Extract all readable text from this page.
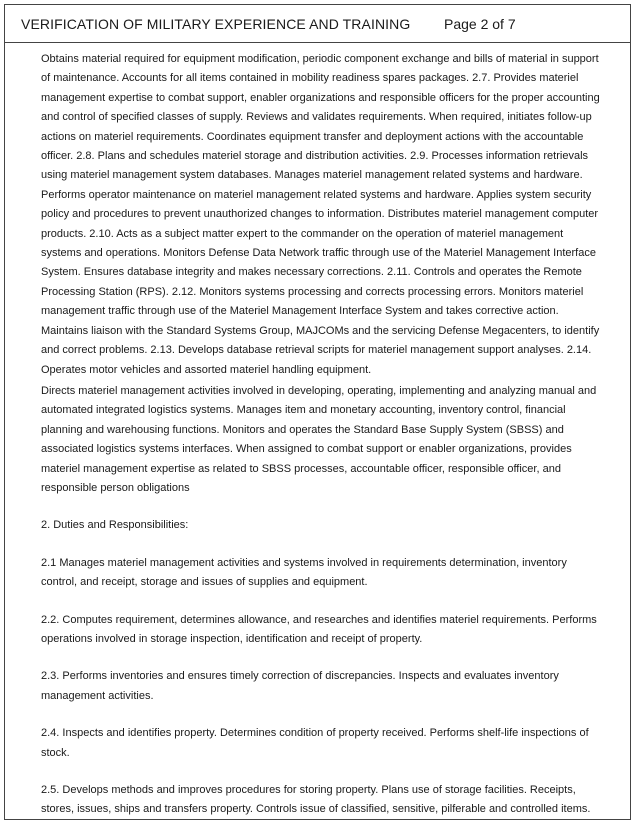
VERIFICATION OF MILITARY EXPERIENCE AND TRAINING Page 2 of 7

Obtains material required for equipment modification, periodic component exchange and bills of material in support of maintenance. Accounts for all items contained in mobility readiness spares packages. 2.7. Provides materiel management expertise to combat support, enabler organizations and responsible officers for the proper accounting and control of specified classes of supply. Reviews and validates requirements. When required, initiates follow-up actions on materiel requirements. Coordinates equipment transfer and deployment actions with the accountable officer. 2.8. Plans and schedules materiel storage and distribution activities. 2.9. Processes information retrievals using materiel management system databases. Manages materiel management related systems and hardware. Performs operator maintenance on materiel management related systems and hardware. Applies system security policy and procedures to prevent unauthorized changes to information. Distributes materiel management computer products. 2.10. Acts as a subject matter expert to the commander on the operation of materiel management systems and operations. Monitors Defense Data Network traffic through use of the Materiel Management Interface System. Ensures database integrity and makes necessary corrections. 2.11. Controls and operates the Remote Processing Station (RPS). 2.12. Monitors systems processing and corrects processing errors. Monitors materiel management traffic through use of the Materiel Management Interface System and takes corrective action. Maintains liaison with the Standard Systems Group, MAJCOMs and the servicing Defense Megacenters, to identify and correct problems. 2.13. Develops database retrieval scripts for materiel management support analyses. 2.14. Operates motor vehicles and assorted materiel handling equipment.

Directs materiel management activities involved in developing, operating, implementing and analyzing manual and automated integrated logistics systems. Manages item and monetary accounting, inventory control, financial planning and warehousing functions. Monitors and operates the Standard Base Supply System (SBSS) and associated logistics systems interfaces. When assigned to combat support or enabler organizations, provides materiel management expertise as related to SBSS processes, accountable officer, responsible officer, and responsible person obligations

2. Duties and Responsibilities:

2.1 Manages materiel management activities and systems involved in requirements determination, inventory control, and receipt, storage and issues of supplies and equipment.

2.2. Computes requirement, determines allowance, and researches and identifies materiel requirements. Performs operations involved in storage inspection, identification and receipt of property.

2.3. Performs inventories and ensures timely correction of discrepancies. Inspects and evaluates inventory management activities.

2.4. Inspects and identifies property. Determines condition of property received. Performs shelf-life inspections of stock.

2.5. Develops methods and improves procedures for storing property. Plans use of storage facilities. Receipts, stores, issues, ships and transfers property. Controls issue of classified, sensitive, pilferable and controlled items.
